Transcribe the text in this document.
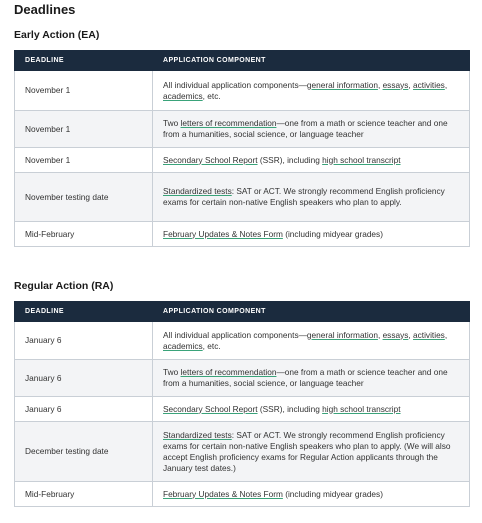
Deadlines
Early Action (EA)
DEADLINE	APPLICATION COMPONENT
November 1	All individual application components—general information, essays, activities, academics, etc.
November 1	Two letters of recommendation—one from a math or science teacher and one from a humanities, social science, or language teacher
November 1	Secondary School Report (SSR), including high school transcript
November testing date	Standardized tests: SAT or ACT. We strongly recommend English proficiency exams for certain non-native English speakers who plan to apply.
Mid-February	February Updates & Notes Form (including midyear grades)
Regular Action (RA)
DEADLINE	APPLICATION COMPONENT
January 6	All individual application components—general information, essays, activities, academics, etc.
January 6	Two letters of recommendation—one from a math or science teacher and one from a humanities, social science, or language teacher
January 6	Secondary School Report (SSR), including high school transcript
December testing date	Standardized tests: SAT or ACT. We strongly recommend English proficiency exams for certain non-native English speakers who plan to apply. (We will also accept English proficiency exams for Regular Action applicants through the January test dates.)
Mid-February	February Updates & Notes Form (including midyear grades)
